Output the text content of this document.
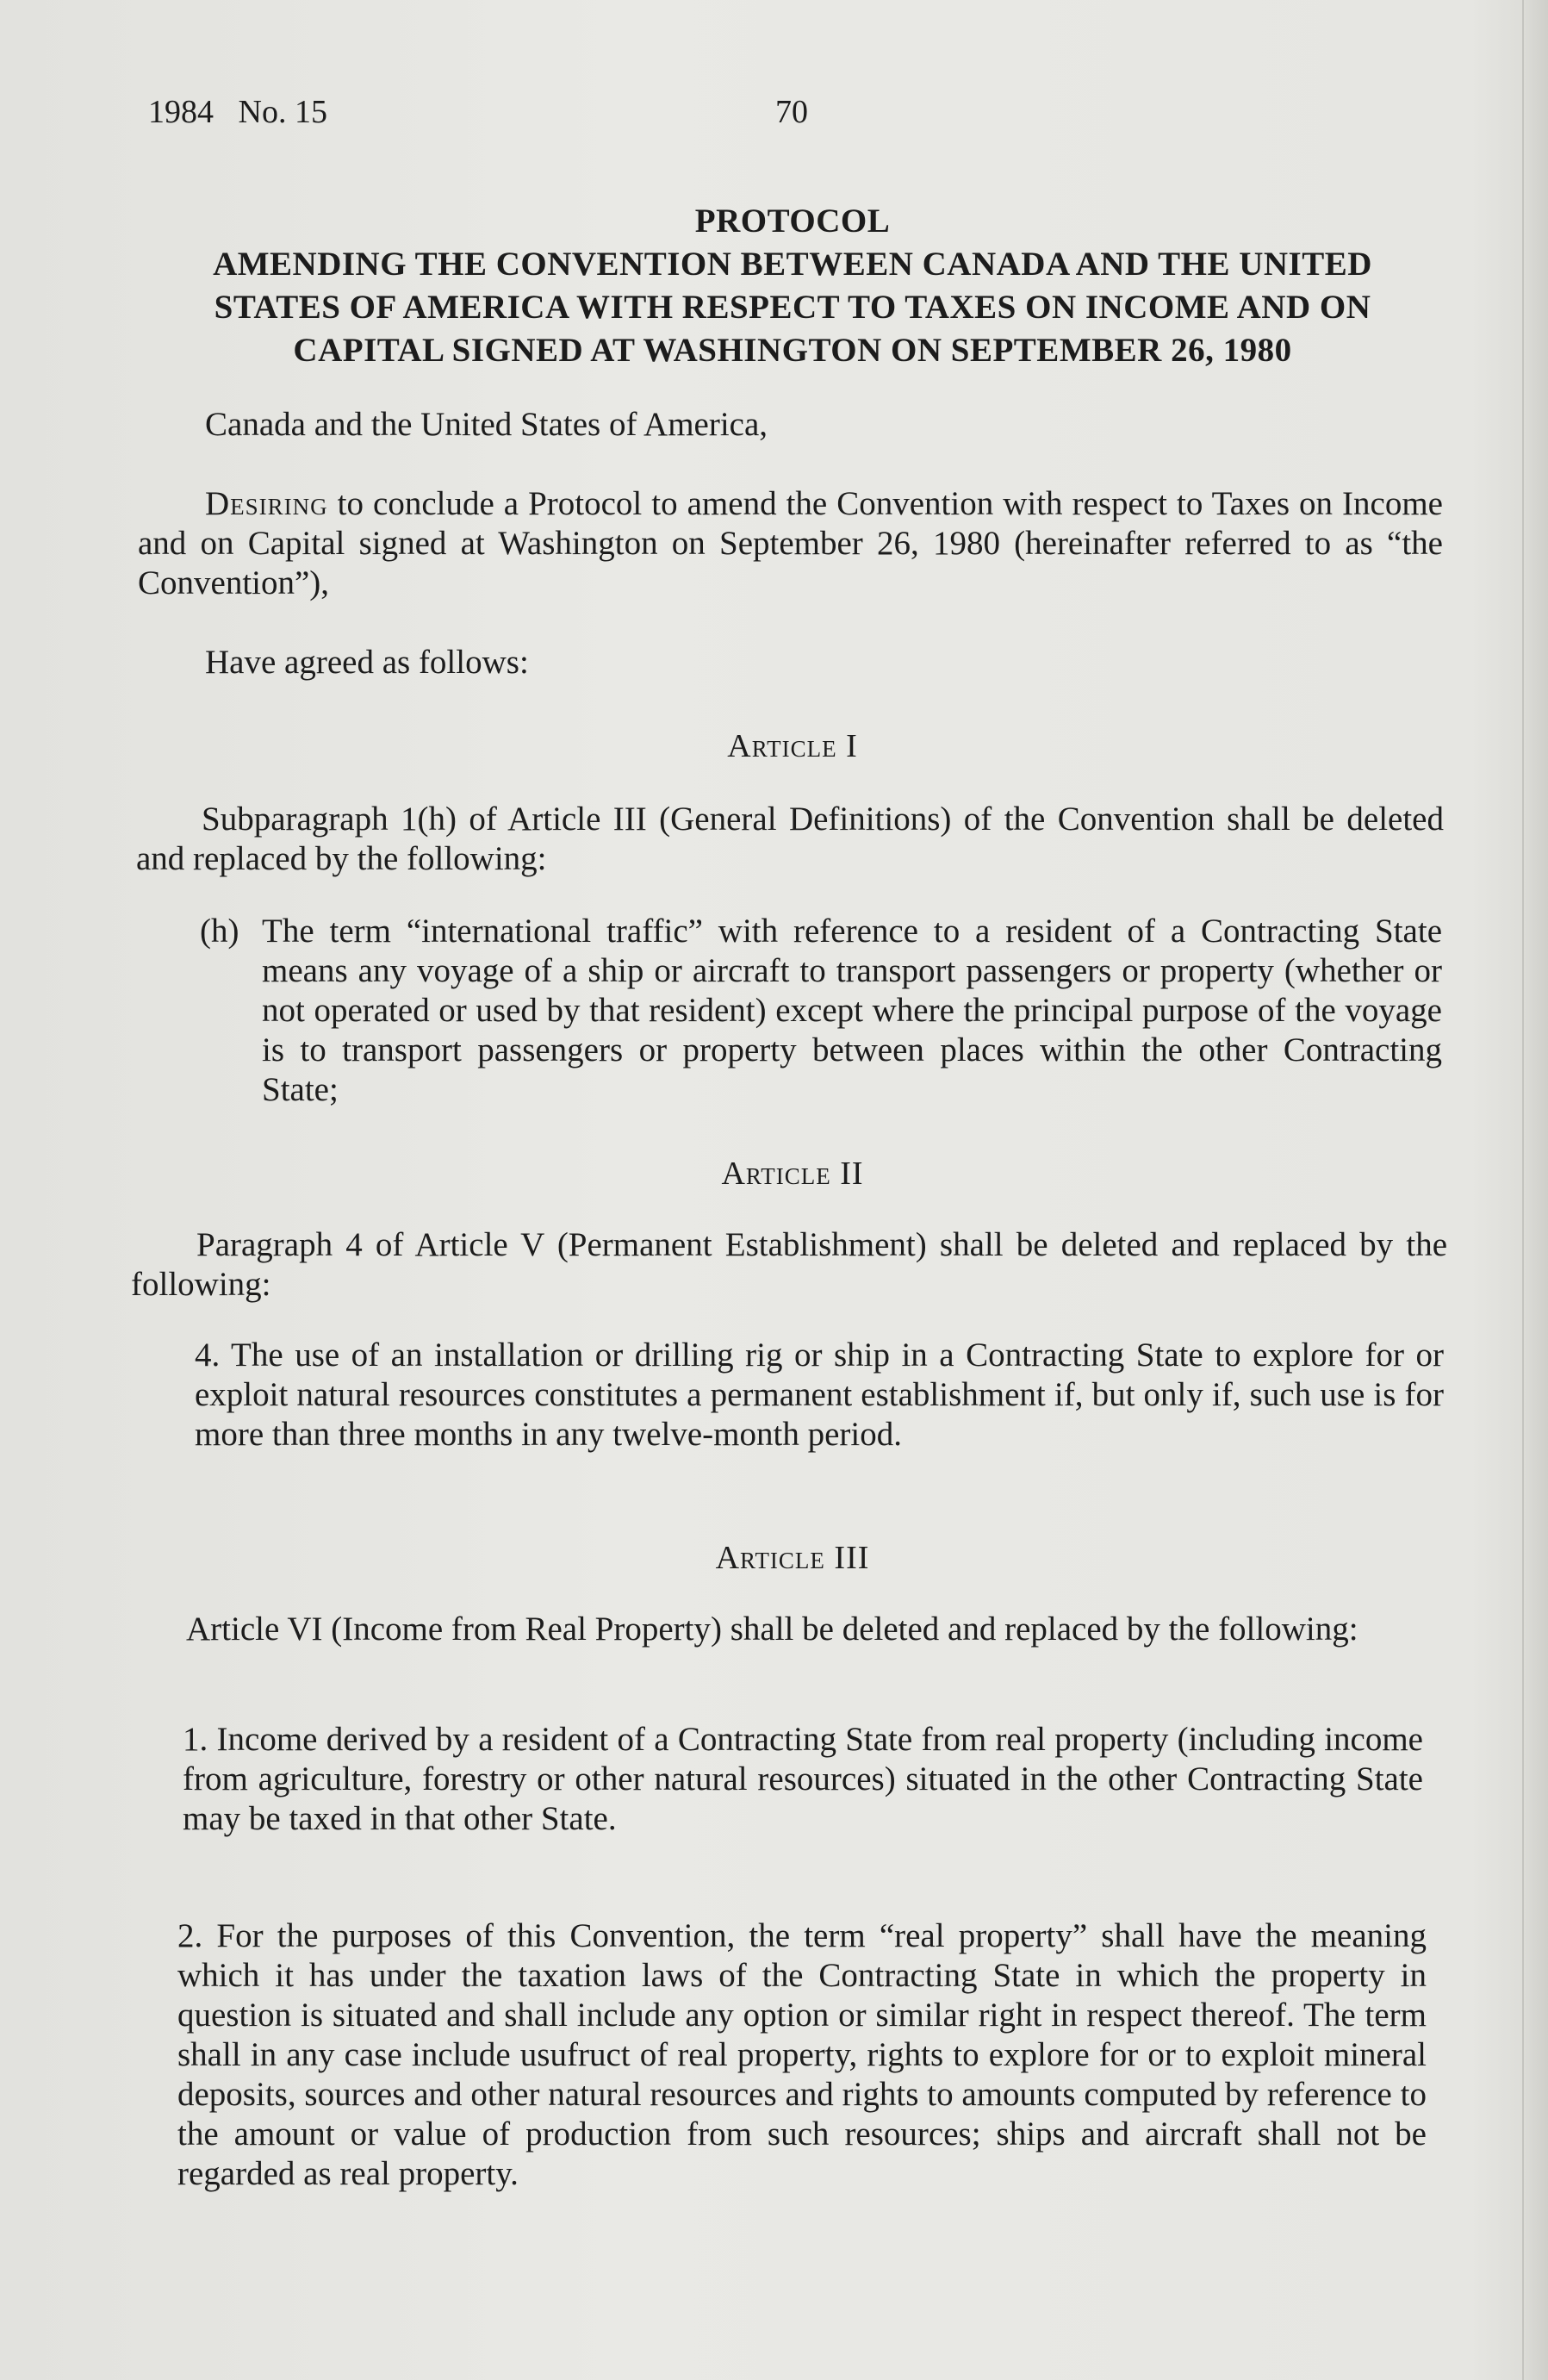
1984   No. 15	70
PROTOCOL
AMENDING THE CONVENTION BETWEEN CANADA AND THE UNITED STATES OF AMERICA WITH RESPECT TO TAXES ON INCOME AND ON CAPITAL SIGNED AT WASHINGTON ON SEPTEMBER 26, 1980
Canada and the United States of America,
Desiring to conclude a Protocol to amend the Convention with respect to Taxes on Income and on Capital signed at Washington on September 26, 1980 (hereinafter referred to as “the Convention”),
Have agreed as follows:
Article I
Subparagraph 1(h) of Article III (General Definitions) of the Convention shall be deleted and replaced by the following:
(h) The term “international traffic” with reference to a resident of a Contracting State means any voyage of a ship or aircraft to transport passengers or property (whether or not operated or used by that resident) except where the principal purpose of the voyage is to transport passengers or property between places within the other Contracting State;
Article II
Paragraph 4 of Article V (Permanent Establishment) shall be deleted and replaced by the following:
4. The use of an installation or drilling rig or ship in a Contracting State to explore for or exploit natural resources constitutes a permanent establishment if, but only if, such use is for more than three months in any twelve-month period.
Article III
Article VI (Income from Real Property) shall be deleted and replaced by the following:
1. Income derived by a resident of a Contracting State from real property (including income from agriculture, forestry or other natural resources) situated in the other Contracting State may be taxed in that other State.
2. For the purposes of this Convention, the term “real property” shall have the meaning which it has under the taxation laws of the Contracting State in which the property in question is situated and shall include any option or similar right in respect thereof. The term shall in any case include usufruct of real property, rights to explore for or to exploit mineral deposits, sources and other natural resources and rights to amounts computed by reference to the amount or value of production from such resources; ships and aircraft shall not be regarded as real property.
